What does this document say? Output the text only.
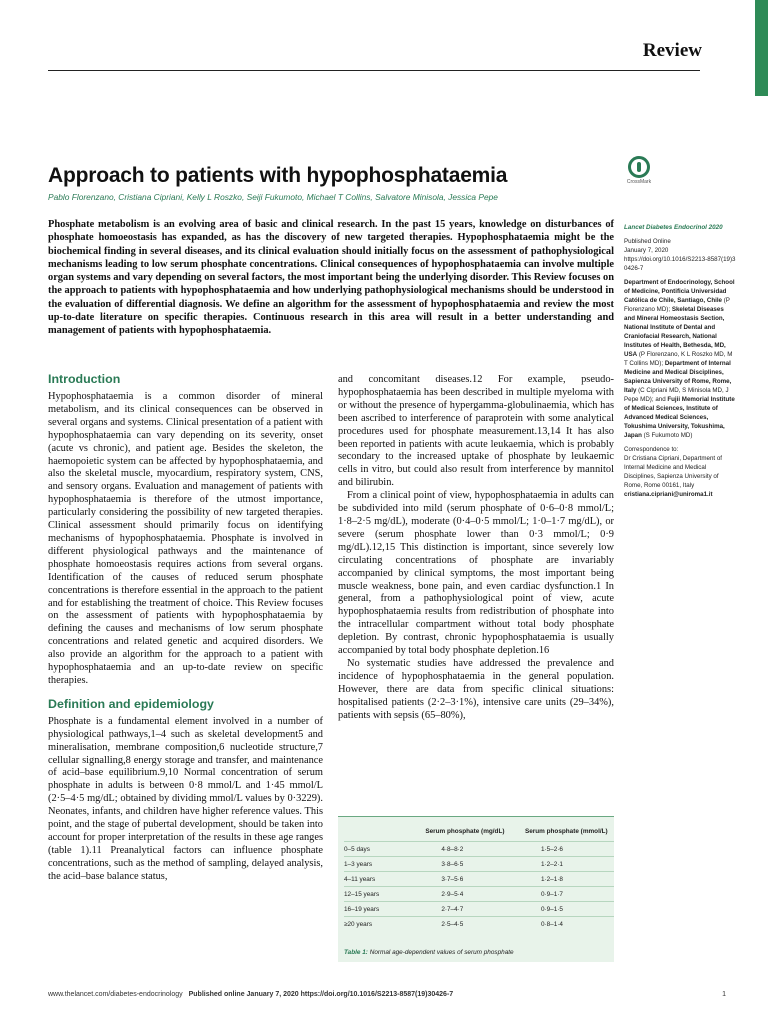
Review
Approach to patients with hypophosphataemia	CrossMark
Pablo Florenzano, Cristiana Cipriani, Kelly L Roszko, Seiji Fukumoto, Michael T Collins, Salvatore Minisola, Jessica Pepe

Phosphate metabolism is an evolving area of basic and clinical research. In the past 15 years, knowledge on disturbances of phosphate homoeostasis has expanded, as has the discovery of new targeted therapies. Hypophosphataemia might be the biochemical finding in several diseases, and its clinical evaluation should initially focus on the assessment of pathophysiological mechanisms leading to low serum phosphate concentrations. Clinical consequences of hypophosphataemia can involve multiple organ systems and vary depending on several factors, the most important being the underlying disorder. This Review focuses on the approach to patients with hypophosphataemia and how underlying pathophysiological mechanisms should be understood in the evaluation of differential diagnosis. We define an algorithm for the assessment of hypophosphataemia and review the most up-to-date literature on specific therapies. Continuous research in this area will result in a better understanding and management of patients with hypophosphataemia.

Introduction

Hypophosphataemia is a common disorder of mineral metabolism, and its clinical consequences can be observed in several organs and systems. Clinical presentation of a patient with hypophosphataemia can vary depending on its severity, onset (acute vs chronic), and patient age. Besides the skeleton, the haemopoietic system can be affected by hypophosphataemia, and also the skeletal muscle, myocardium, respiratory system, CNS, and sensory organs. Evaluation and management of patients with hypophosphataemia is therefore of the utmost importance, particularly considering the possibility of new targeted therapies. Clinical assessment should primarily focus on identifying mechanisms of hypophosphataemia. Phosphate is involved in different physiological pathways and the maintenance of phosphate homoeostasis requires actions from several organs. Identification of the causes of reduced serum phosphate concentrations is therefore essential in the approach to the patient and for establishing the treatment of choice. This Review focuses on the assessment of patients with hypophosphataemia by defining the causes and mechanisms of low serum phosphate concentrations and related genetic and acquired disorders. We also provide an algorithm for the approach to a patient with hypophosphataemia and an up-to-date review on specific therapies.

Definition and epidemiology

Phosphate is a fundamental element involved in a number of physiological pathways,1–4 such as skeletal development5 and mineralisation, membrane composition,6 nucleotide structure,7 cellular signalling,8 energy storage and transfer, and maintenance of acid–base equilibrium.9,10 Normal concentration of serum phosphate in adults is between 0·8 mmol/L and 1·45 mmol/L (2·5–4·5 mg/dL; obtained by dividing mmol/L values by 0·3229). Neonates, infants, and children have higher reference values. This point, and the stage of pubertal development, should be taken into account for proper interpretation of the results in these age ranges (table 1).11 Preanalytical factors can influence phosphate concentrations, such as the method of sampling, delayed analysis, the acid–base balance status,

and concomitant diseases.12 For example, pseudo-hypophosphataemia has been described in multiple myeloma with or without the presence of hypergamma-globulinaemia, which has been ascribed to interference of paraprotein with some analytical procedures used for phosphate measurement.13,14 It has also been reported in patients with acute leukaemia, which is probably secondary to the increased uptake of phosphate by leukaemic cells in vitro, but could also result from interference by mannitol and bilirubin.

From a clinical point of view, hypophosphataemia in adults can be subdivided into mild (serum phosphate of 0·6–0·8 mmol/L; 1·8–2·5 mg/dL), moderate (0·4–0·5 mmol/L; 1·0–1·7 mg/dL), or severe (serum phosphate lower than 0·3 mmol/L; 0·9 mg/dL).12,15 This distinction is important, since severely low circulating concentrations of phosphate are invariably accompanied by clinical symptoms, the most important being muscle weakness, bone pain, and even cardiac dysfunction.1 In general, from a pathophysiological point of view, acute hypophosphataemia results from redistribution of phosphate into the intracellular compartment without total body phosphate depletion. By contrast, chronic hypophosphataemia is usually accompanied by total body phosphate depletion.16

No systematic studies have addressed the prevalence and incidence of hypophosphataemia in the general population. However, there are data from specific clinical situations: hospitalised patients (2·2–3·1%), intensive care units (29–34%), patients with sepsis (65–80%),

Lancet Diabetes Endocrinol 2020

Published Online
January 7, 2020
https://doi.org/10.1016/S2213-8587(19)30426-7

Department of Endocrinology, School of Medicine, Pontificia Universidad Católica de Chile, Santiago, Chile (P Florenzano MD); Skeletal Diseases and Mineral Homeostasis Section, National Institute of Dental and Craniofacial Research, National Institutes of Health, Bethesda, MD, USA (P Florenzano, K L Roszko MD, M T Collins MD); Department of Internal Medicine and Medical Disciplines, Sapienza University of Rome, Rome, Italy (C Cipriani MD, S Minisola MD, J Pepe MD); and Fujii Memorial Institute of Medical Sciences, Institute of Advanced Medical Sciences, Tokushima University, Tokushima, Japan (S Fukumoto MD)

Correspondence to:
Dr Cristiana Cipriani, Department of Internal Medicine and Medical Disciplines, Sapienza University of Rome, Rome 00161, Italy
cristiana.cipriani@uniroma1.it

	Serum phosphate (mg/dL)	Serum phosphate (mmol/L)
0–5 days	4·8–8·2	1·5–2·6
1–3 years	3·8–6·5	1·2–2·1
4–11 years	3·7–5·6	1·2–1·8
12–15 years	2·9–5·4	0·9–1·7
16–19 years	2·7–4·7	0·9–1·5
≥20 years	2·5–4·5	0·8–1·4
Table 1: Normal age-dependent values of serum phosphate
www.thelancet.com/diabetes-endocrinology Published online January 7, 2020 https://doi.org/10.1016/S2213-8587(19)30426-7	1
